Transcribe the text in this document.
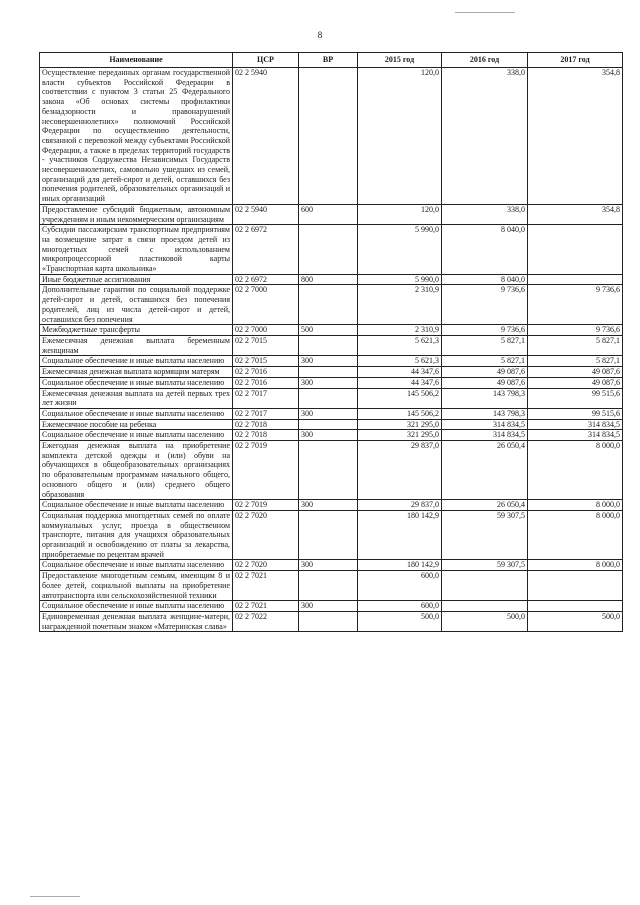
8
Наименование	ЦСР	ВР	2015 год	2016 год	2017 год
Осуществление переданных органам государственной власти субъектов Российской Федерации в соответствии с пунктом 3 статьи 25 Федерального закона «Об основах системы профилактики безнадзорности и правонарушений несовершеннолетних» полномочий Российской Федерации по осуществлению деятельности, связанной с перевозкой между субъектами Российской Федерации, а также в пределах территорий государств - участников Содружества Независимых Государств несовершеннолетних, самовольно ушедших из семей, организаций для детей-сирот и детей, оставшихся без попечения родителей, образовательных организаций и иных организаций	02 2 5940		120,0	338,0	354,8
Предоставление субсидий бюджетным, автономным учреждениям и иным некоммерческим организациям	02 2 5940	600	120,0	338,0	354,8
Субсидии пассажирским транспортным предприятиям на возмещение затрат в связи проездом детей из многодетных семей с использованием микропроцессорной пластиковой карты «Транспортная карта школьника»	02 2 6972		5 990,0	8 040,0	
Иные бюджетные ассигнования	02 2 6972	800	5 990,0	8 040,0	
Дополнительные гарантии по социальной поддержке детей-сирот и детей, оставшихся без попечения родителей, лиц из числа детей-сирот и детей, оставшихся без попечения	02 2 7000		2 310,9	9 736,6	9 736,6
Межбюджетные трансферты	02 2 7000	500	2 310,9	9 736,6	9 736,6
Ежемесячная денежная выплата беременным женщинам	02 2 7015		5 621,3	5 827,1	5 827,1
Социальное обеспечение и иные выплаты населению	02 2 7015	300	5 621,3	5 827,1	5 827,1
Ежемесячная денежная выплата кормящим матерям	02 2 7016		44 347,6	49 087,6	49 087,6
Социальное обеспечение и иные выплаты населению	02 2 7016	300	44 347,6	49 087,6	49 087,6
Ежемесячная денежная выплата на детей первых трех лет жизни	02 2 7017		145 506,2	143 798,3	99 515,6
Социальное обеспечение и иные выплаты населению	02 2 7017	300	145 506,2	143 798,3	99 515,6
Ежемесячное пособие на ребенка	02 2 7018		321 295,0	314 834,5	314 834,5
Социальное обеспечение и иные выплаты населению	02 2 7018	300	321 295,0	314 834,5	314 834,5
Ежегодная денежная выплата на приобретение комплекта детской одежды и (или) обуви на обучающихся в общеобразовательных организациях по образовательным программам начального общего, основного общего и (или) среднего общего образования	02 2 7019		29 837,0	26 050,4	8 000,0
Социальное обеспечение и иные выплаты населению	02 2 7019	300	29 837,0	26 050,4	8 000,0
Социальная поддержка многодетных семей по оплате коммунальных услуг, проезда в общественном транспорте, питания для учащихся образовательных организаций и освобождению от платы за лекарства, приобретаемые по рецептам врачей	02 2 7020		180 142,9	59 307,5	8 000,0
Социальное обеспечение и иные выплаты населению	02 2 7020	300	180 142,9	59 307,5	8 000,0
Предоставление многодетным семьям, имеющим 8 и более детей, социальной выплаты на приобретение автотранспорта или сельскохозяйственной техники	02 2 7021		600,0		
Социальное обеспечение и иные выплаты населению	02 2 7021	300	600,0		
Единовременная денежная выплата женщине-матери, награжденной почетным знаком «Материнская слава»	02 2 7022		500,0	500,0	500,0
